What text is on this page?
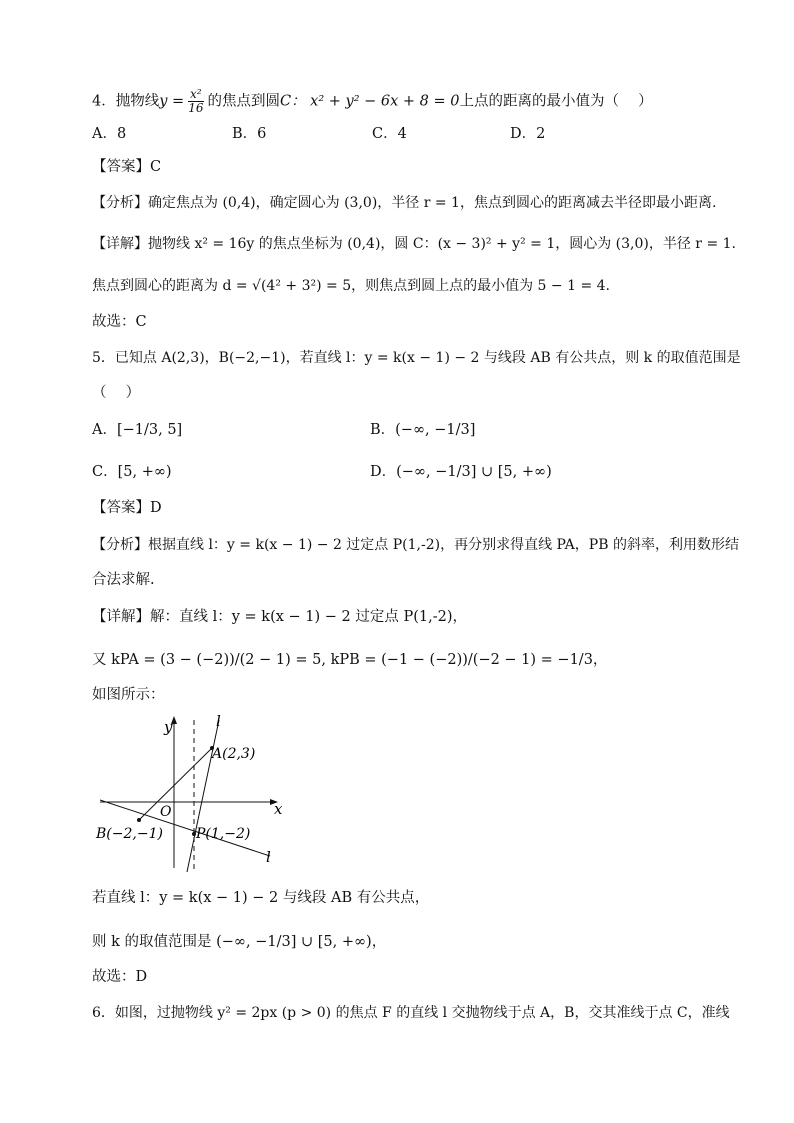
4．抛物线$y = \frac{\text{x²}}{16}$ 的焦点到圆C： x² + y² − 6x + 8 = 0上点的距离的最小值为（　 ）
A．8	B．6	C．4	D．2
【答案】C
【分析】确定焦点为 (0,4)，确定圆心为 (3,0)，半径 r = 1，焦点到圆心的距离减去半径即最小距离.
【详解】抛物线 x² = 16y 的焦点坐标为 (0,4)，圆 C：(x − 3)² + y² = 1，圆心为 (3,0)，半径 r = 1.
焦点到圆心的距离为 d = √(4² + 3²) = 5，则焦点到圆上点的最小值为 5 − 1 = 4.
故选：C
5．已知点 A(2,3)，B(−2,−1)，若直线 l：y = k(x − 1) − 2 与线段 AB 有公共点，则 k 的取值范围是
（　 ）
A．[−1/3, 5]	B．(−∞, −1/3]
C．[5, +∞)	D．(−∞, −1/3] ∪ [5, +∞)
【答案】D
【分析】根据直线 l：y = k(x − 1) − 2 过定点 P(1,-2)，再分别求得直线 PA，PB 的斜率，利用数形结
合法求解.
【详解】解：直线 l：y = k(x − 1) − 2 过定点 P(1,-2)，
又 kPA = (3 − (−2))/(2 − 1) = 5, kPB = (−1 − (−2))/(−2 − 1) = −1/3，
如图所示：
y
x
l
l
O
A(2,3)
B(−2,−1) P(1,−2)
若直线 l：y = k(x − 1) − 2 与线段 AB 有公共点，
则 k 的取值范围是 (−∞, −1/3] ∪ [5, +∞)，
故选：D
6．如图，过抛物线 y² = 2px (p > 0) 的焦点 F 的直线 l 交抛物线于点 A，B，交其准线于点 C，准线
